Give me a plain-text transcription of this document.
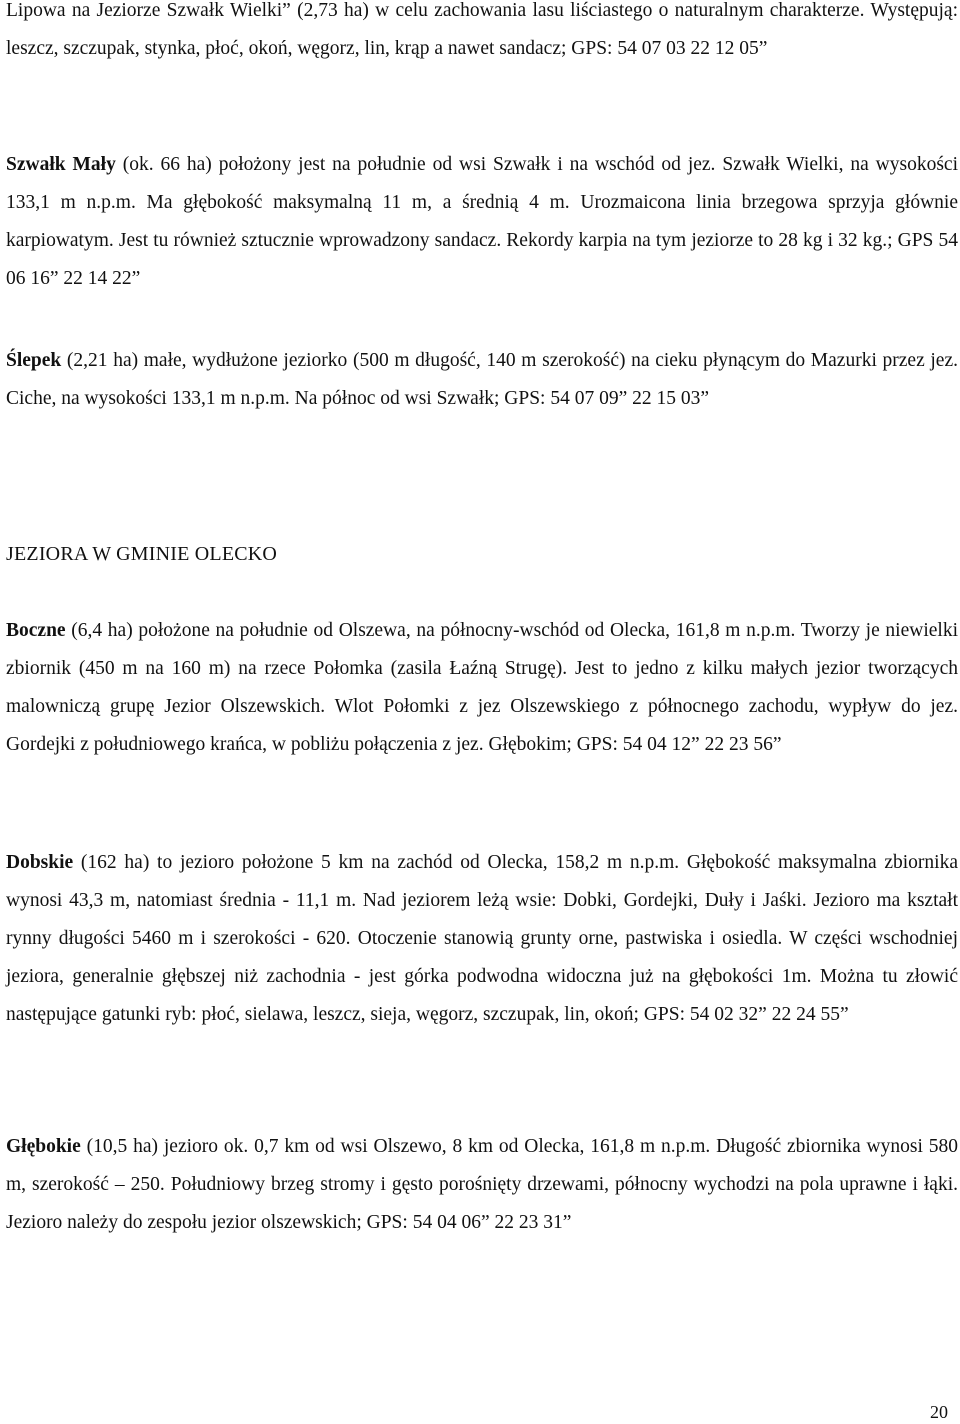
Lipowa na Jeziorze Szwałk Wielki” (2,73 ha) w celu zachowania lasu liściastego o naturalnym charakterze. Występują: leszcz, szczupak, stynka, płoć, okoń, węgorz, lin, krąp a nawet sandacz; GPS: 54 07 03 22 12 05”

Szwałk Mały (ok. 66 ha) położony jest na południe od wsi Szwałk i na wschód od jez. Szwałk Wielki, na wysokości 133,1 m n.p.m. Ma głębokość maksymalną 11 m, a średnią 4 m. Urozmaicona linia brzegowa sprzyja głównie karpiowatym. Jest tu również sztucznie wprowadzony sandacz. Rekordy karpia na tym jeziorze to 28 kg i 32 kg.; GPS 54 06 16” 22 14 22”

Ślepek (2,21 ha) małe, wydłużone jeziorko (500 m długość, 140 m szerokość) na cieku płynącym do Mazurki przez jez. Ciche, na wysokości 133,1 m n.p.m. Na północ od wsi Szwałk; GPS: 54 07 09” 22 15 03”

JEZIORA W GMINIE OLECKO

Boczne (6,4 ha) położone na południe od Olszewa, na północny-wschód od Olecka, 161,8 m n.p.m. Tworzy je niewielki zbiornik (450 m na 160 m) na rzece Połomka (zasila Łaźną Strugę). Jest to jedno z kilku małych jezior tworzących malowniczą grupę Jezior Olszewskich. Wlot Połomki z jez Olszewskiego z północnego zachodu, wypływ do jez. Gordejki z południowego krańca, w pobliżu połączenia z jez. Głębokim; GPS: 54 04 12” 22 23 56”

Dobskie (162 ha) to jezioro położone 5 km na zachód od Olecka, 158,2 m n.p.m. Głębokość maksymalna zbiornika wynosi 43,3 m, natomiast średnia - 11,1 m. Nad jeziorem leżą wsie: Dobki, Gordejki, Duły i Jaśki. Jezioro ma kształt rynny długości 5460 m i szerokości - 620. Otoczenie stanowią grunty orne, pastwiska i osiedla. W części wschodniej jeziora, generalnie głębszej niż zachodnia - jest górka podwodna widoczna już na głębokości 1m. Można tu złowić następujące gatunki ryb: płoć, sielawa, leszcz, sieja, węgorz, szczupak, lin, okoń; GPS: 54 02 32” 22 24 55”

Głębokie (10,5 ha) jezioro ok. 0,7 km od wsi Olszewo, 8 km od Olecka, 161,8 m n.p.m. Długość zbiornika wynosi 580 m, szerokość – 250. Południowy brzeg stromy i gęsto porośnięty drzewami, północny wychodzi na pola uprawne i łąki. Jezioro należy do zespołu jezior olszewskich; GPS: 54 04 06” 22 23 31”

20
